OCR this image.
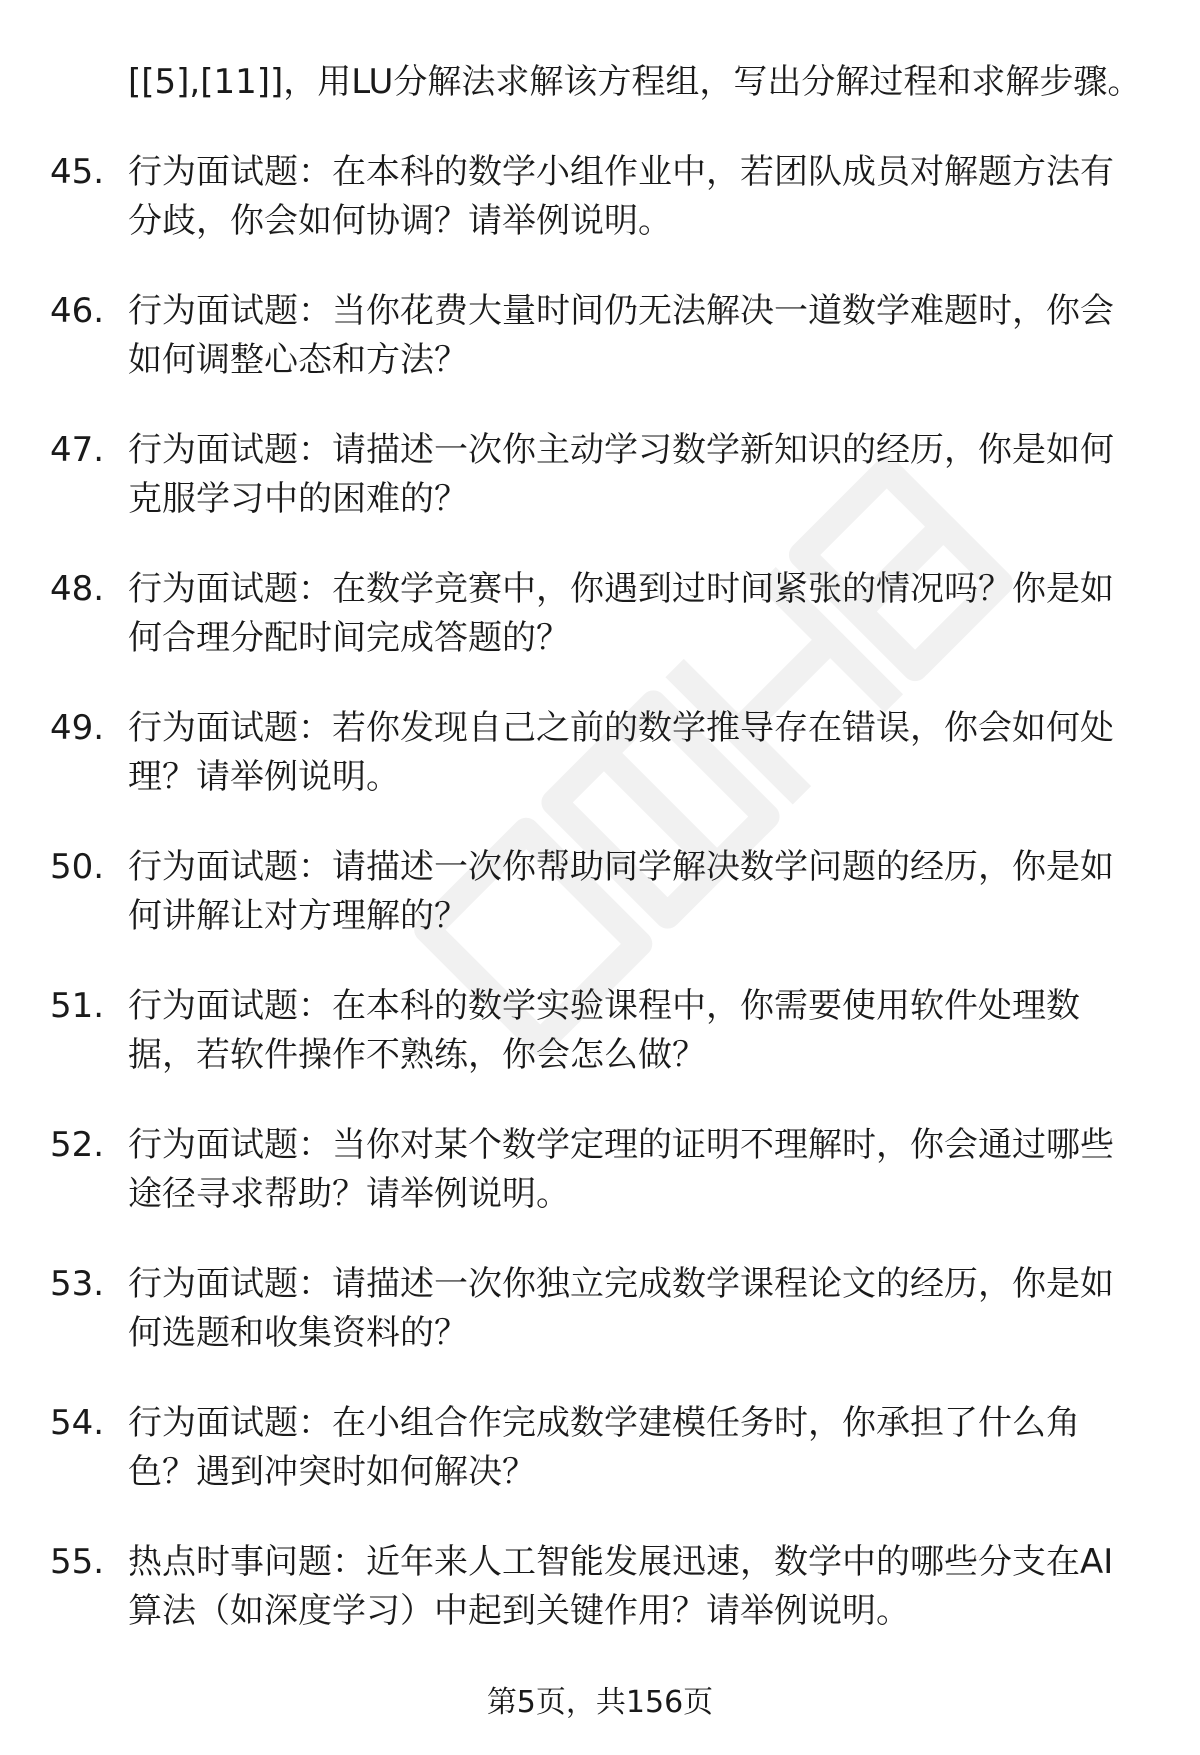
[[5],[11]]，用LU分解法求解该方程组，写出分解过程和求解步骤。
45. 行为面试题：在本科的数学小组作业中，若团队成员对解题方法有分歧，你会如何协调？请举例说明。
46. 行为面试题：当你花费大量时间仍无法解决一道数学难题时，你会如何调整心态和方法？
47. 行为面试题：请描述一次你主动学习数学新知识的经历，你是如何克服学习中的困难的？
48. 行为面试题：在数学竞赛中，你遇到过时间紧张的情况吗？你是如何合理分配时间完成答题的？
49. 行为面试题：若你发现自己之前的数学推导存在错误，你会如何处理？请举例说明。
50. 行为面试题：请描述一次你帮助同学解决数学问题的经历，你是如何讲解让对方理解的？
51. 行为面试题：在本科的数学实验课程中，你需要使用软件处理数据，若软件操作不熟练，你会怎么做？
52. 行为面试题：当你对某个数学定理的证明不理解时，你会通过哪些途径寻求帮助？请举例说明。
53. 行为面试题：请描述一次你独立完成数学课程论文的经历，你是如何选题和收集资料的？
54. 行为面试题：在小组合作完成数学建模任务时，你承担了什么角色？遇到冲突时如何解决？
55. 热点时事问题：近年来人工智能发展迅速，数学中的哪些分支在AI算法（如深度学习）中起到关键作用？请举例说明。
第5页，共156页
